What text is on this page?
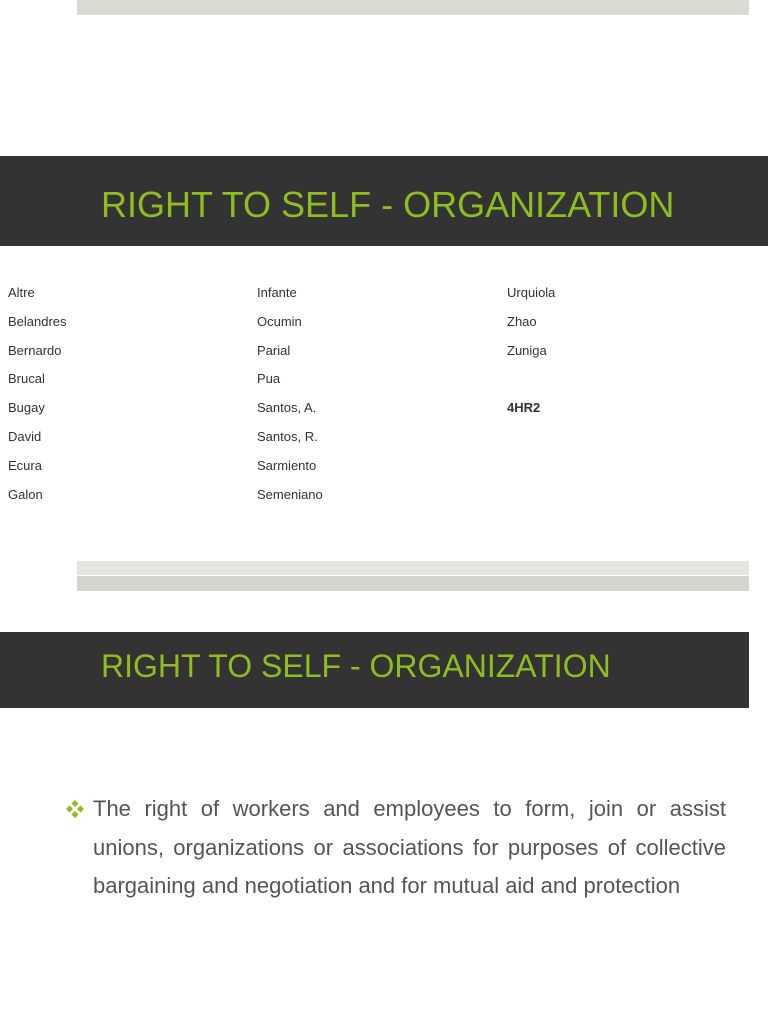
RIGHT TO SELF - ORGANIZATION
Altre
Belandres
Bernardo
Brucal
Bugay
David
Ecura
Galon
Infante
Ocumin
Parial
Pua
Santos, A.
Santos, R.
Sarmiento
Semeniano
Urquiola
Zhao
Zuniga
4HR2
RIGHT TO SELF - ORGANIZATION
The right of workers and employees to form, join or assist unions, organizations or associations for purposes of collective bargaining and negotiation and for mutual aid and protection
